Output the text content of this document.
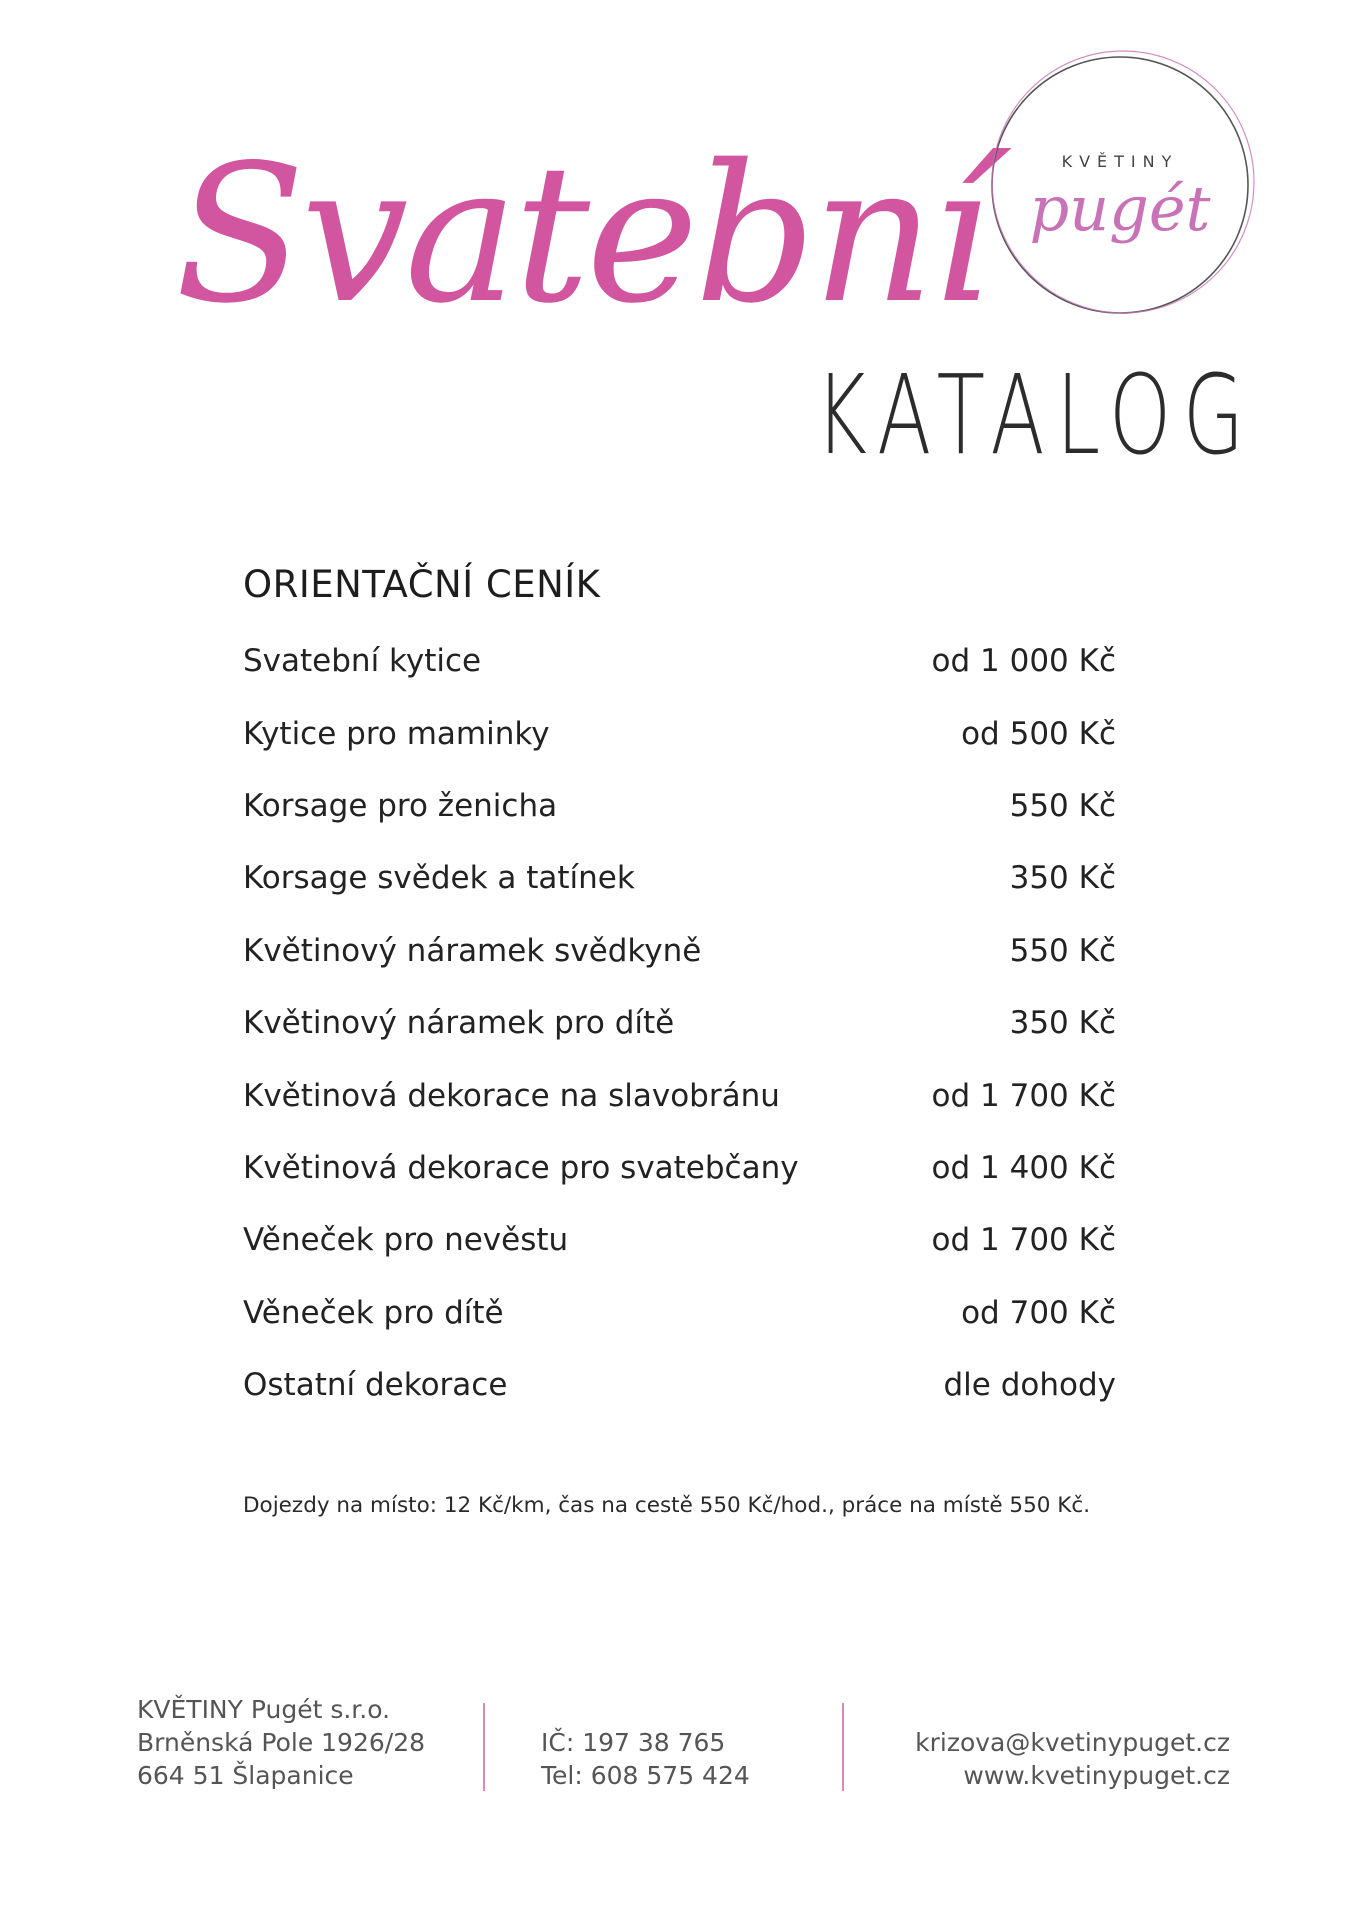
Svatební
KATALOG
KVĚTINY
pugét
ORIENTAČNÍ CENÍK
Svatební kytice	od 1 000 Kč
Kytice pro maminky	od 500 Kč
Korsage pro ženicha	550 Kč
Korsage svědek a tatínek	350 Kč
Květinový náramek svědkyně	550 Kč
Květinový náramek pro dítě	350 Kč
Květinová dekorace na slavobránu	od 1 700 Kč
Květinová dekorace pro svatebčany	od 1 400 Kč
Věneček pro nevěstu	od 1 700 Kč
Věneček pro dítě	od 700 Kč
Ostatní dekorace	dle dohody
Dojezdy na místo: 12 Kč/km, čas na cestě 550 Kč/hod., práce na místě 550 Kč.
KVĚTINY Pugét s.r.o.
Brněnská Pole 1926/28
664 51 Šlapanice
IČ: 197 38 765
Tel: 608 575 424
krizova@kvetinypuget.cz
www.kvetinypuget.cz
